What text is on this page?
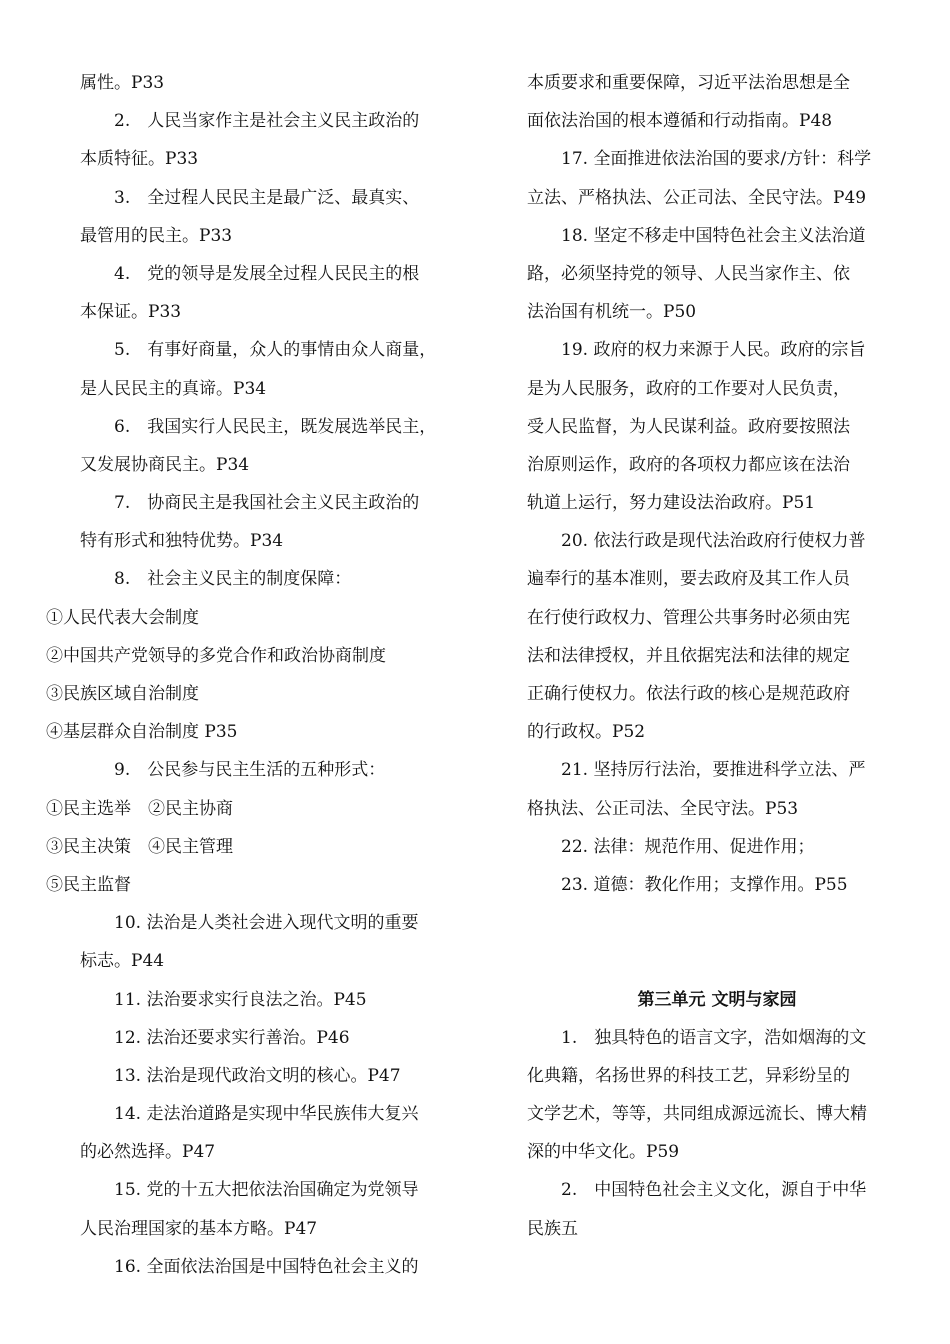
属性。P33
2.　人民当家作主是社会主义民主政治的
本质特征。P33
3.　全过程人民民主是最广泛、最真实、
最管用的民主。P33
4.　党的领导是发展全过程人民民主的根
本保证。P33
5.　有事好商量，众人的事情由众人商量，
是人民民主的真谛。P34
6.　我国实行人民民主，既发展选举民主，
又发展协商民主。P34
7.　协商民主是我国社会主义民主政治的
特有形式和独特优势。P34
8.　社会主义民主的制度保障：
①人民代表大会制度
②中国共产党领导的多党合作和政治协商制度
③民族区域自治制度
④基层群众自治制度 P35
9.　公民参与民主生活的五种形式：
①民主选举　②民主协商
③民主决策　④民主管理
⑤民主监督
10. 法治是人类社会进入现代文明的重要
标志。P44
11. 法治要求实行良法之治。P45
12. 法治还要求实行善治。P46
13. 法治是现代政治文明的核心。P47
14. 走法治道路是实现中华民族伟大复兴
的必然选择。P47
15. 党的十五大把依法治国确定为党领导
人民治理国家的基本方略。P47
16. 全面依法治国是中国特色社会主义的
本质要求和重要保障，习近平法治思想是全
面依法治国的根本遵循和行动指南。P48
17. 全面推进依法治国的要求/方针：科学
立法、严格执法、公正司法、全民守法。P49
18. 坚定不移走中国特色社会主义法治道
路，必须坚持党的领导、人民当家作主、依
法治国有机统一。P50
19. 政府的权力来源于人民。政府的宗旨
是为人民服务，政府的工作要对人民负责，
受人民监督，为人民谋利益。政府要按照法
治原则运作，政府的各项权力都应该在法治
轨道上运行，努力建设法治政府。P51
20. 依法行政是现代法治政府行使权力普
遍奉行的基本准则，要去政府及其工作人员
在行使行政权力、管理公共事务时必须由宪
法和法律授权，并且依据宪法和法律的规定
正确行使权力。依法行政的核心是规范政府
的行政权。P52
21. 坚持厉行法治，要推进科学立法、严
格执法、公正司法、全民守法。P53
22. 法律：规范作用、促进作用；
23. 道德：教化作用；支撑作用。P55
第三单元 文明与家园
1.　独具特色的语言文字，浩如烟海的文
化典籍，名扬世界的科技工艺，异彩纷呈的
文学艺术，等等，共同组成源远流长、博大精
深的中华文化。P59
2.　中国特色社会主义文化，源自于中华
民族五
